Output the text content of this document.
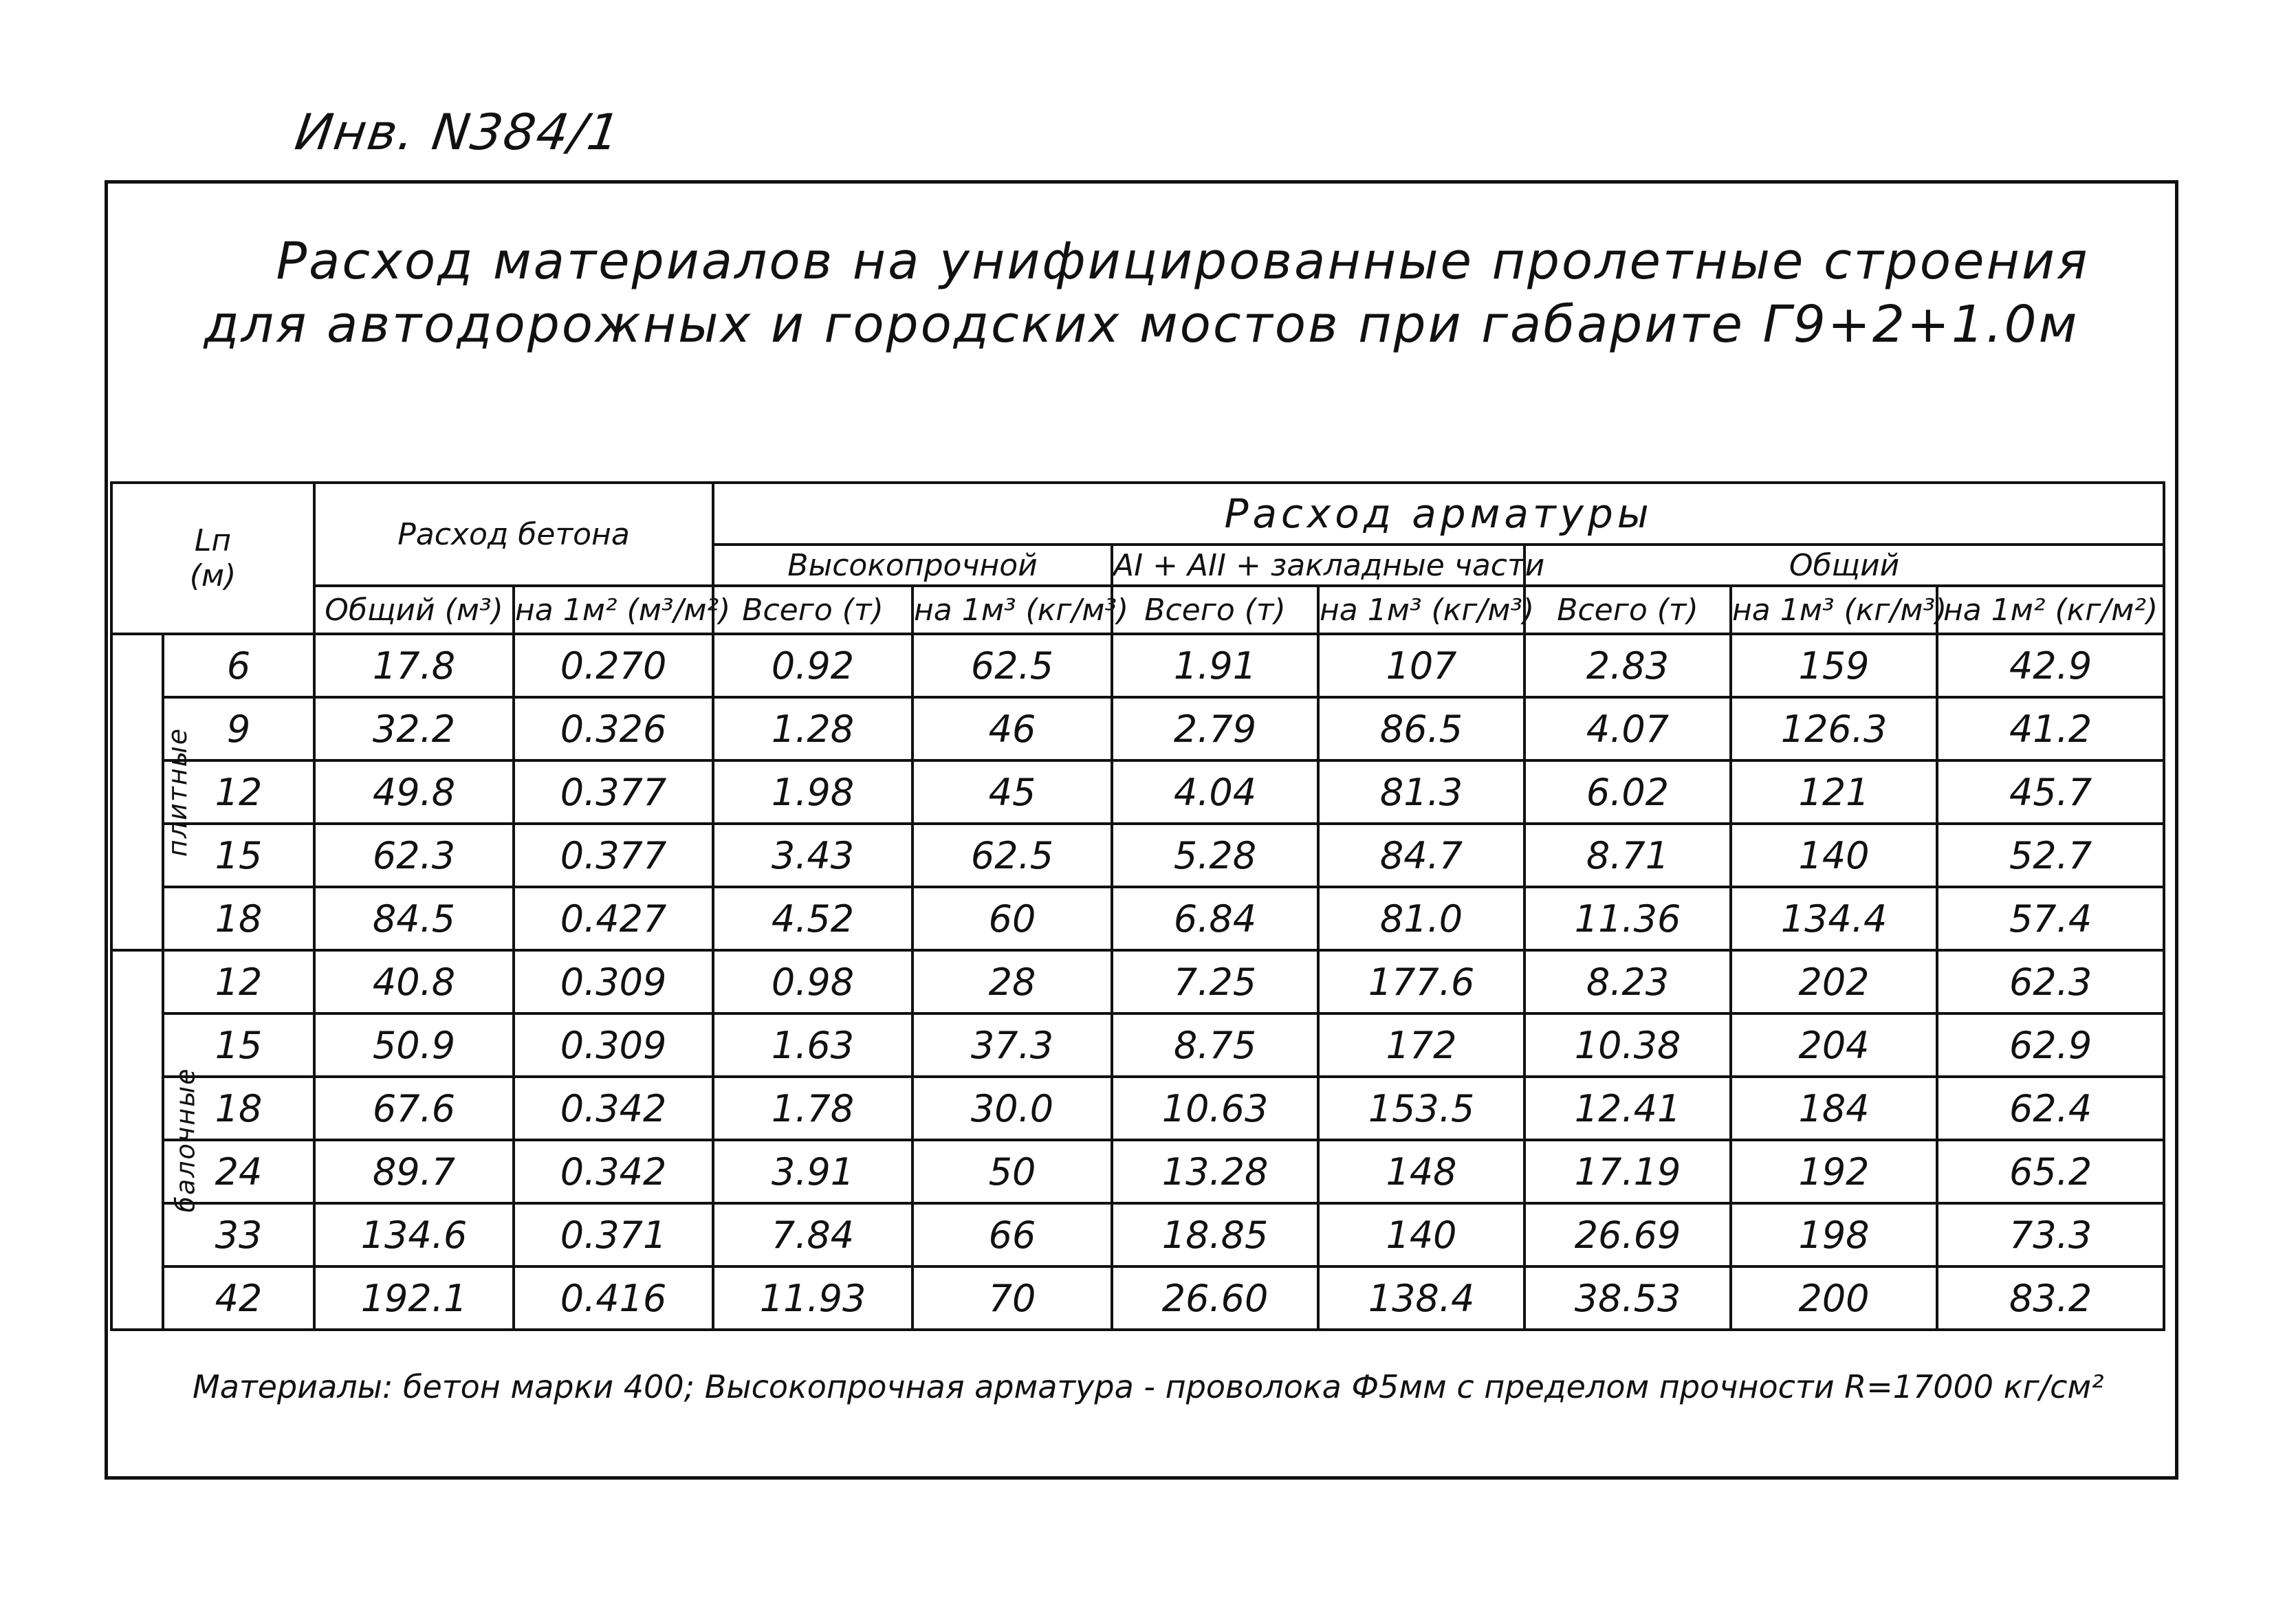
Инв. N384/1
Расход материалов на унифицированные пролетные строения
для автодорожных и городских мостов при габарите Г9+2+1.0м
Lп
(м)		Расход бетона		Расход арматуры						
				Высокопрочной		АI + АII + закладные части		Общий		
		Общий (м³)	на 1м² (м³/м²)	Всего (т)	на 1м³ (кг/м³)	Всего (т)	на 1м³ (кг/м³)	Всего (т)	на 1м³ (кг/м³)	на 1м² (кг/м²)
плитные	6	17.8	0.270	0.92	62.5	1.91	107	2.83	159	42.9
	9	32.2	0.326	1.28	46	2.79	86.5	4.07	126.3	41.2
	12	49.8	0.377	1.98	45	4.04	81.3	6.02	121	45.7
	15	62.3	0.377	3.43	62.5	5.28	84.7	8.71	140	52.7
	18	84.5	0.427	4.52	60	6.84	81.0	11.36	134.4	57.4
балочные	12	40.8	0.309	0.98	28	7.25	177.6	8.23	202	62.3
	15	50.9	0.309	1.63	37.3	8.75	172	10.38	204	62.9
	18	67.6	0.342	1.78	30.0	10.63	153.5	12.41	184	62.4
	24	89.7	0.342	3.91	50	13.28	148	17.19	192	65.2
	33	134.6	0.371	7.84	66	18.85	140	26.69	198	73.3
	42	192.1	0.416	11.93	70	26.60	138.4	38.53	200	83.2
Материалы: бетон марки 400; Высокопрочная арматура - проволока Ф5мм с пределом прочности R=17000 кг/см²
